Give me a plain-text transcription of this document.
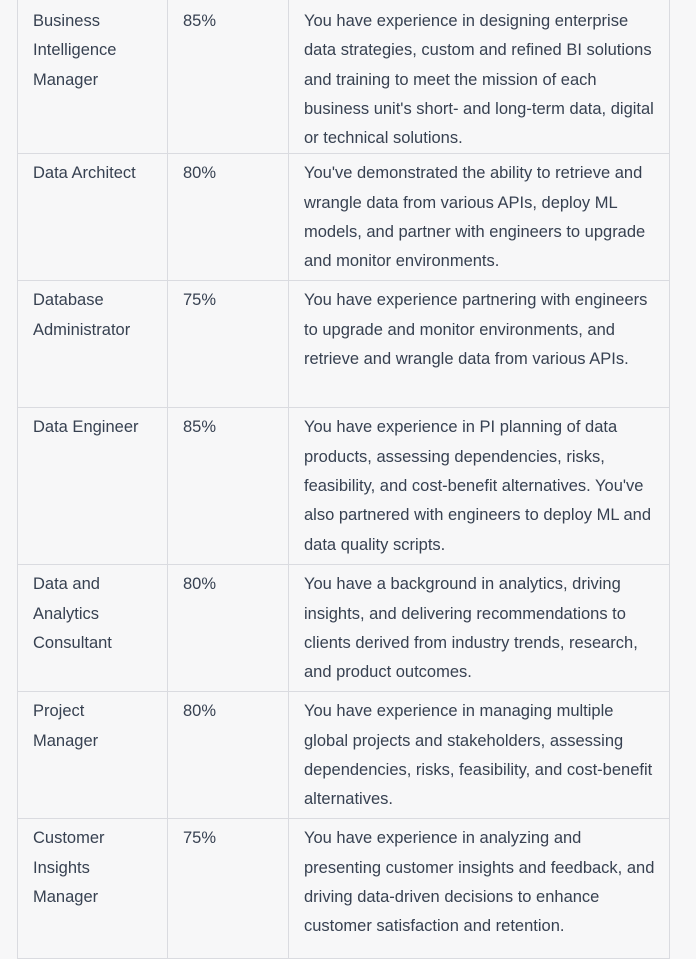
Business Intelligence Manager	85%	You have experience in designing enterprise data strategies, custom and refined BI solutions and training to meet the mission of each business unit's short- and long-term data, digital or technical solutions.
Data Architect	80%	You've demonstrated the ability to retrieve and wrangle data from various APIs, deploy ML models, and partner with engineers to upgrade and monitor environments.
Database Administrator	75%	You have experience partnering with engineers to upgrade and monitor environments, and retrieve and wrangle data from various APIs.
Data Engineer	85%	You have experience in PI planning of data products, assessing dependencies, risks, feasibility, and cost-benefit alternatives. You've also partnered with engineers to deploy ML and data quality scripts.
Data and Analytics Consultant	80%	You have a background in analytics, driving insights, and delivering recommendations to clients derived from industry trends, research, and product outcomes.
Project Manager	80%	You have experience in managing multiple global projects and stakeholders, assessing dependencies, risks, feasibility, and cost-benefit alternatives.
Customer Insights Manager	75%	You have experience in analyzing and presenting customer insights and feedback, and driving data-driven decisions to enhance customer satisfaction and retention.
